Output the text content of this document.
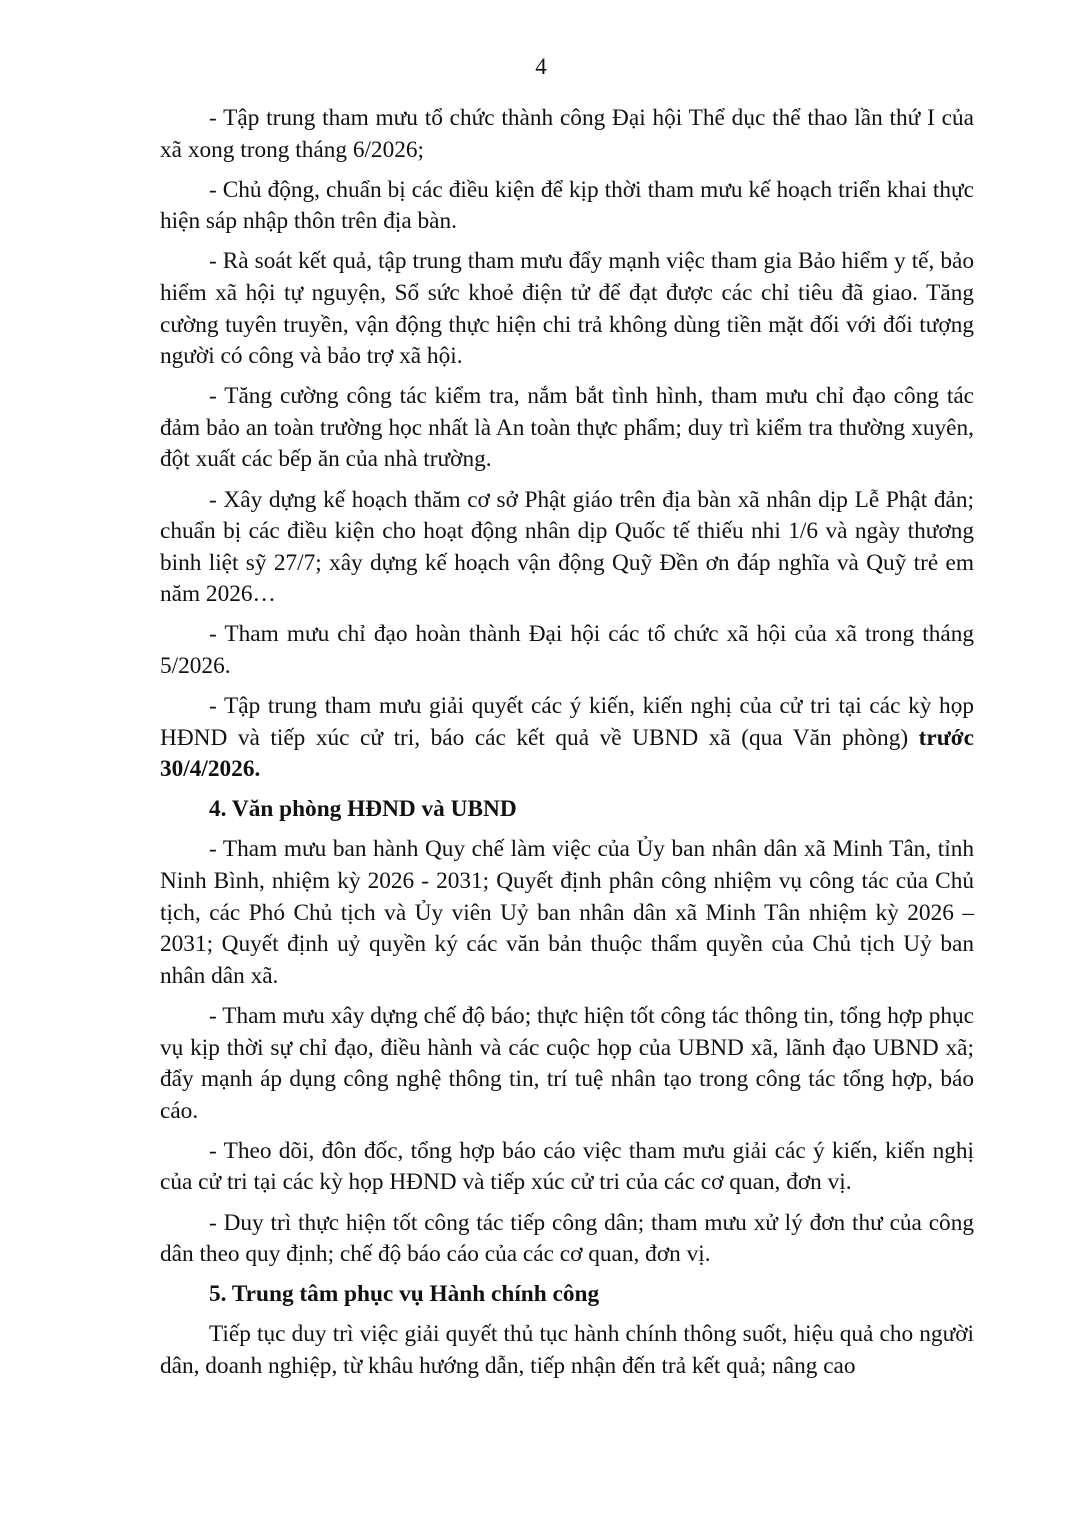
4

- Tập trung tham mưu tổ chức thành công Đại hội Thể dục thể thao lần thứ I của xã xong trong tháng 6/2026;

- Chủ động, chuẩn bị các điều kiện để kịp thời tham mưu kế hoạch triển khai thực hiện sáp nhập thôn trên địa bàn.

- Rà soát kết quả, tập trung tham mưu đẩy mạnh việc tham gia Bảo hiểm y tế, bảo hiểm xã hội tự nguyện, Sổ sức khoẻ điện tử để đạt được các chỉ tiêu đã giao. Tăng cường tuyên truyền, vận động thực hiện chi trả không dùng tiền mặt đối với đối tượng người có công và bảo trợ xã hội.

- Tăng cường công tác kiểm tra, nắm bắt tình hình, tham mưu chỉ đạo công tác đảm bảo an toàn trường học nhất là An toàn thực phẩm; duy trì kiểm tra thường xuyên, đột xuất các bếp ăn của nhà trường.

- Xây dựng kế hoạch thăm cơ sở Phật giáo trên địa bàn xã nhân dịp Lễ Phật đản; chuẩn bị các điều kiện cho hoạt động nhân dịp Quốc tế thiếu nhi 1/6 và ngày thương binh liệt sỹ 27/7; xây dựng kế hoạch vận động Quỹ Đền ơn đáp nghĩa và Quỹ trẻ em năm 2026…

- Tham mưu chỉ đạo hoàn thành Đại hội các tổ chức xã hội của xã trong tháng 5/2026.

- Tập trung tham mưu giải quyết các ý kiến, kiến nghị của cử tri tại các kỳ họp HĐND và tiếp xúc cử tri, báo các kết quả về UBND xã (qua Văn phòng) trước 30/4/2026.

4. Văn phòng HĐND và UBND

- Tham mưu ban hành Quy chế làm việc của Ủy ban nhân dân xã Minh Tân, tỉnh Ninh Bình, nhiệm kỳ 2026 - 2031; Quyết định phân công nhiệm vụ công tác của Chủ tịch, các Phó Chủ tịch và Ủy viên Uỷ ban nhân dân xã Minh Tân nhiệm kỳ 2026 – 2031; Quyết định uỷ quyền ký các văn bản thuộc thẩm quyền của Chủ tịch Uỷ ban nhân dân xã.

- Tham mưu xây dựng chế độ báo; thực hiện tốt công tác thông tin, tổng hợp phục vụ kịp thời sự chỉ đạo, điều hành và các cuộc họp của UBND xã, lãnh đạo UBND xã; đẩy mạnh áp dụng công nghệ thông tin, trí tuệ nhân tạo trong công tác tổng hợp, báo cáo.

- Theo dõi, đôn đốc, tổng hợp báo cáo việc tham mưu giải các ý kiến, kiến nghị của cử tri tại các kỳ họp HĐND và tiếp xúc cử tri của các cơ quan, đơn vị.

- Duy trì thực hiện tốt công tác tiếp công dân; tham mưu xử lý đơn thư của công dân theo quy định; chế độ báo cáo của các cơ quan, đơn vị.

5. Trung tâm phục vụ Hành chính công

Tiếp tục duy trì việc giải quyết thủ tục hành chính thông suốt, hiệu quả cho người dân, doanh nghiệp, từ khâu hướng dẫn, tiếp nhận đến trả kết quả; nâng cao
